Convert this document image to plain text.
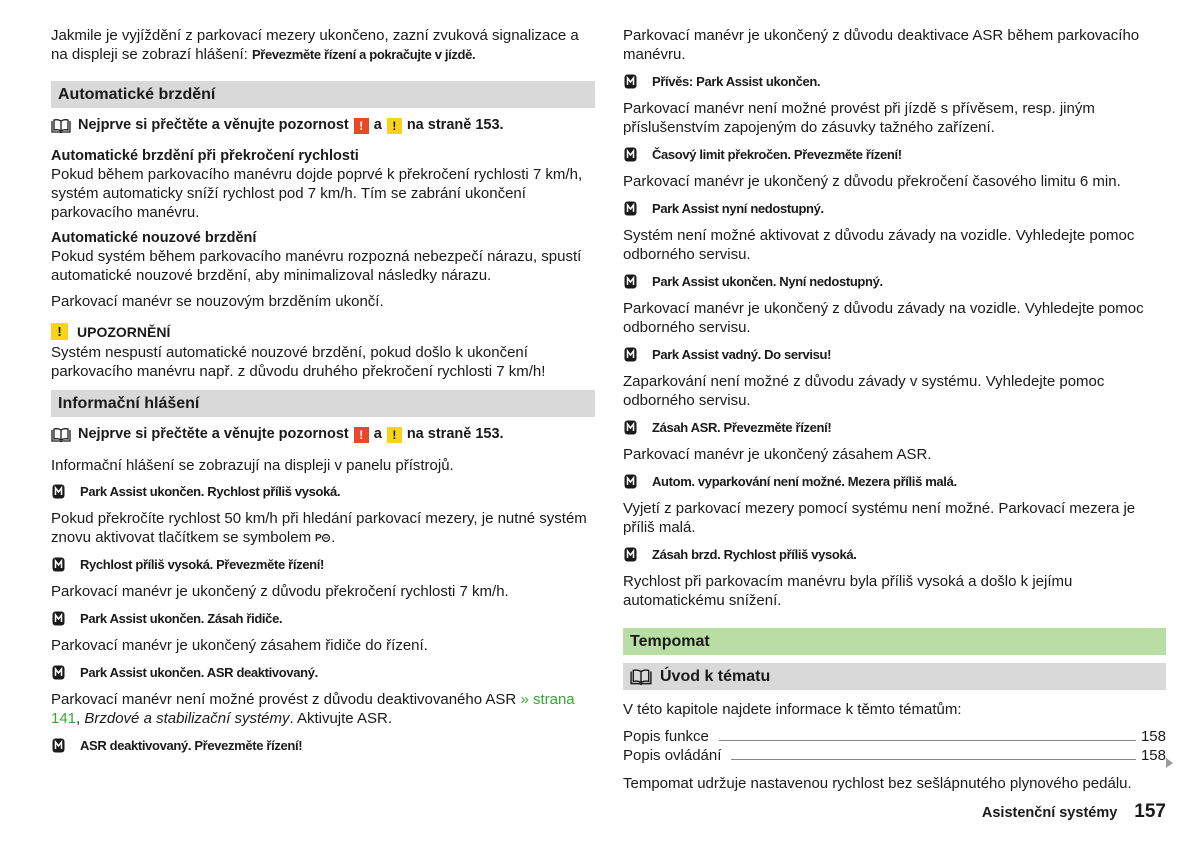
Jakmile je vyjíždění z parkovací mezery ukončeno, zazní zvuková signalizace a na displeji se zobrazí hlášení: Převezměte řízení a pokračujte v jízdě.
Automatické brzdění
Nejprve si přečtěte a věnujte pozornost ! a ! na straně 153.
Automatické brzdění při překročení rychlosti
Pokud během parkovacího manévru dojde poprvé k překročení rychlosti 7 km/h, systém automaticky sníží rychlost pod 7 km/h. Tím se zabrání ukončení parkovacího manévru.
Automatické nouzové brzdění
Pokud systém během parkovacího manévru rozpozná nebezpečí nárazu, spustí automatické nouzové brzdění, aby minimalizoval následky nárazu.
Parkovací manévr se nouzovým brzděním ukončí.
!	UPOZORNĚNÍ
Systém nespustí automatické nouzové brzdění, pokud došlo k ukončení parkovacího manévru např. z důvodu druhého překročení rychlosti 7 km/h!
Informační hlášení
Nejprve si přečtěte a věnujte pozornost ! a ! na straně 153.
Informační hlášení se zobrazují na displeji v panelu přístrojů.
Park Assist ukončen. Rychlost příliš vysoká.
Pokud překročíte rychlost 50 km/h při hledání parkovací mezery, je nutné systém znovu aktivovat tlačítkem se symbolem P .
Rychlost příliš vysoká. Převezměte řízení!
Parkovací manévr je ukončený z důvodu překročení rychlosti 7 km/h.
Park Assist ukončen. Zásah řidiče.
Parkovací manévr je ukončený zásahem řidiče do řízení.
Park Assist ukončen. ASR deaktivovaný.
Parkovací manévr není možné provést z důvodu deaktivovaného ASR » strana 141, Brzdové a stabilizační systémy. Aktivujte ASR.
ASR deaktivovaný. Převezměte řízení!
Parkovací manévr je ukončený z důvodu deaktivace ASR během parkovacího manévru.
Přívěs: Park Assist ukončen.
Parkovací manévr není možné provést při jízdě s přívěsem, resp. jiným příslušenstvím zapojeným do zásuvky tažného zařízení.
Časový limit překročen. Převezměte řízení!
Parkovací manévr je ukončený z důvodu překročení časového limitu 6 min.
Park Assist nyní nedostupný.
Systém není možné aktivovat z důvodu závady na vozidle. Vyhledejte pomoc odborného servisu.
Park Assist ukončen. Nyní nedostupný.
Parkovací manévr je ukončený z důvodu závady na vozidle. Vyhledejte pomoc odborného servisu.
Park Assist vadný. Do servisu!
Zaparkování není možné z důvodu závady v systému. Vyhledejte pomoc odborného servisu.
Zásah ASR. Převezměte řízení!
Parkovací manévr je ukončený zásahem ASR.
Autom. vyparkování není možné. Mezera příliš malá.
Vyjetí z parkovací mezery pomocí systému není možné. Parkovací mezera je příliš malá.
Zásah brzd. Rychlost příliš vysoká.
Rychlost při parkovacím manévru byla příliš vysoká a došlo k jejímu automatickému snížení.
Tempomat
Úvod k tématu
V této kapitole najdete informace k těmto tématům:
Popis funkce	158
Popis ovládání	158
Tempomat udržuje nastavenou rychlost bez sešlápnutého plynového pedálu.
Asistenční systémy 157
